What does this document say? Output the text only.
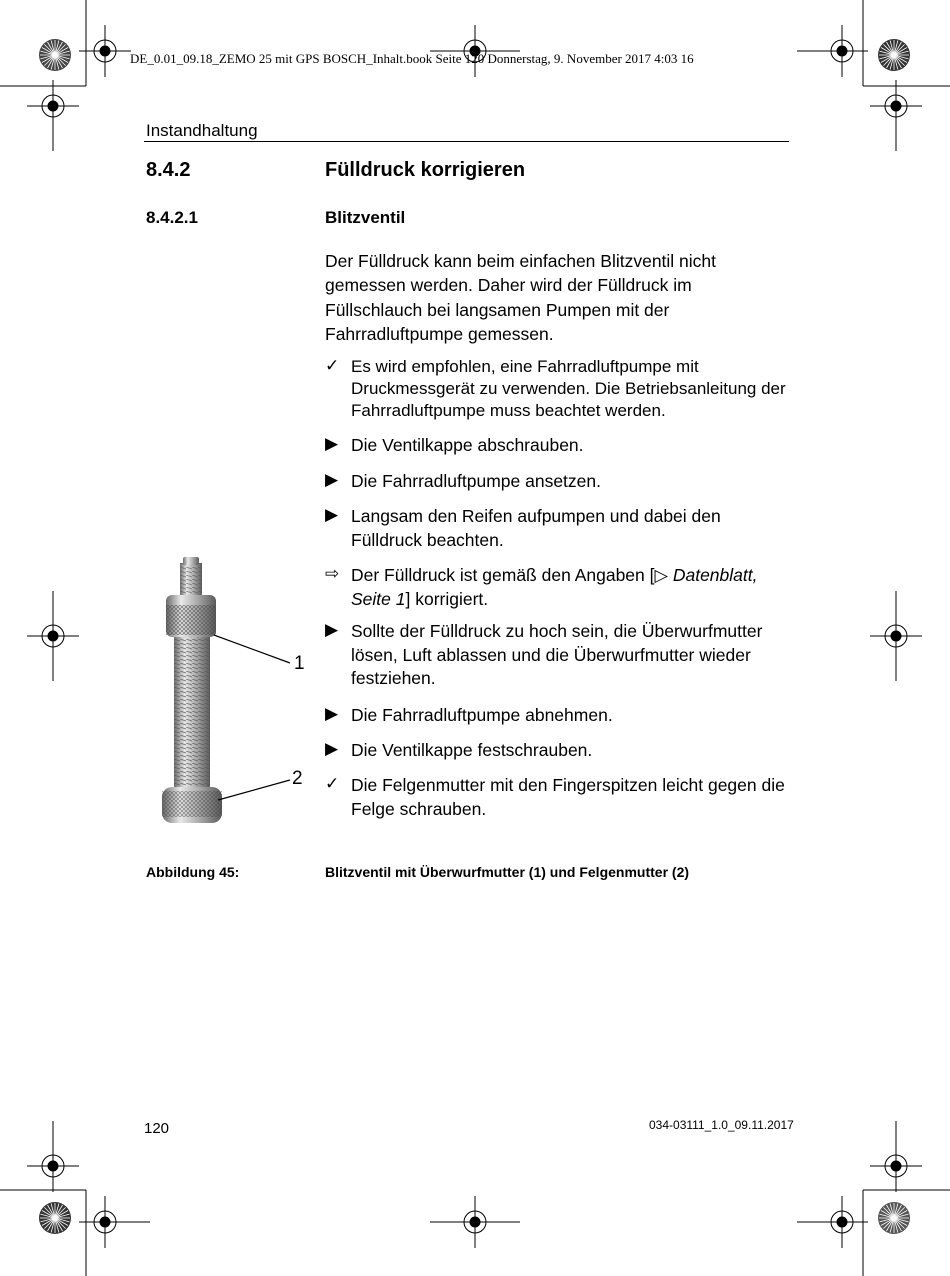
DE_0.01_09.18_ZEMO 25 mit GPS BOSCH_Inhalt.book Seite 120 Donnerstag, 9. November 2017 4:03 16
Instandhaltung
8.4.2	Fülldruck korrigieren
8.4.2.1	Blitzventil
Der Fülldruck kann beim einfachen Blitzventil nicht gemessen werden. Daher wird der Fülldruck im Füllschlauch bei langsamen Pumpen mit der Fahrradluftpumpe gemessen.
✓ Es wird empfohlen, eine Fahrradluftpumpe mit Druckmessgerät zu verwenden. Die Betriebsanleitung der Fahrradluftpumpe muss beachtet werden.
▶ Die Ventilkappe abschrauben.
▶ Die Fahrradluftpumpe ansetzen.
▶ Langsam den Reifen aufpumpen und dabei den Fülldruck beachten.
⇨ Der Fülldruck ist gemäß den Angaben [▷ Datenblatt, Seite 1] korrigiert.
▶ Sollte der Fülldruck zu hoch sein, die Überwurfmutter lösen, Luft ablassen und die Überwurfmutter wieder festziehen.
▶ Die Fahrradluftpumpe abnehmen.
▶ Die Ventilkappe festschrauben.
✓ Die Felgenmutter mit den Fingerspitzen leicht gegen die Felge schrauben.
1
2
Abbildung 45:	Blitzventil mit Überwurfmutter (1) und Felgenmutter (2)
120	034-03111_1.0_09.11.2017
